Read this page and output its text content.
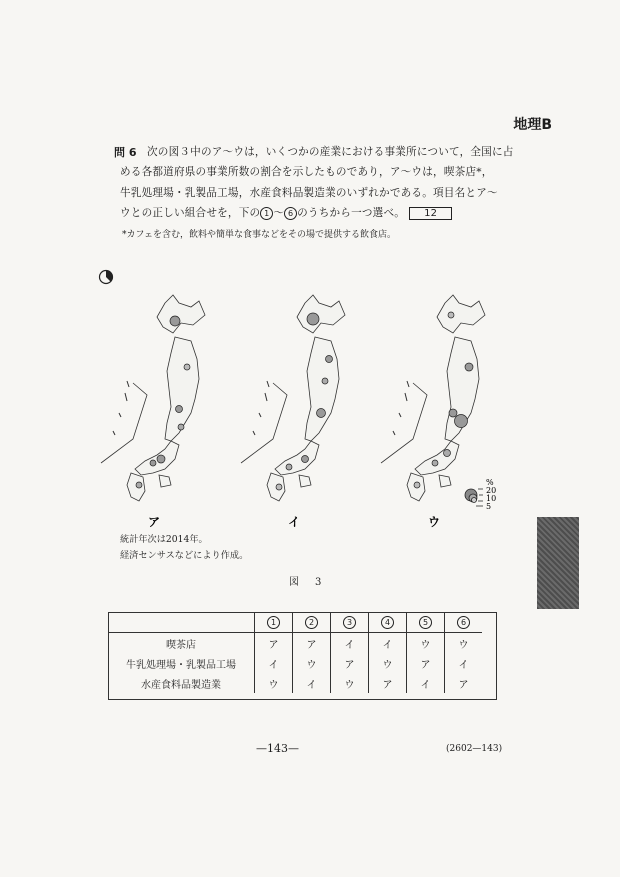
地理B
問 6 次の図３中のア～ウは，いくつかの産業における事業所について，全国に占
める各都道府県の事業所数の割合を示したものであり，ア～ウは，喫茶店*，
牛乳処理場・乳製品工場，水産食料品製造業のいずれかである。項目名とア～
ウとの正しい組合せを，下の 1 ～ 6 のうちから一つ選べ。 12
*カフェを含む，飲料や簡単な食事などをその場で提供する飲食店。
%
20
10
5
ア	イ	ウ
統計年次は2014年。
経済センサスなどにより作成。
図　3
	1	2	3	4	5	6
喫茶店	ア	ア	イ	イ	ウ	ウ
牛乳処理場・乳製品工場	イ	ウ	ア	ウ	ア	イ
水産食料品製造業	ウ	イ	ウ	ア	イ	ア
—143—	(2602—143)
